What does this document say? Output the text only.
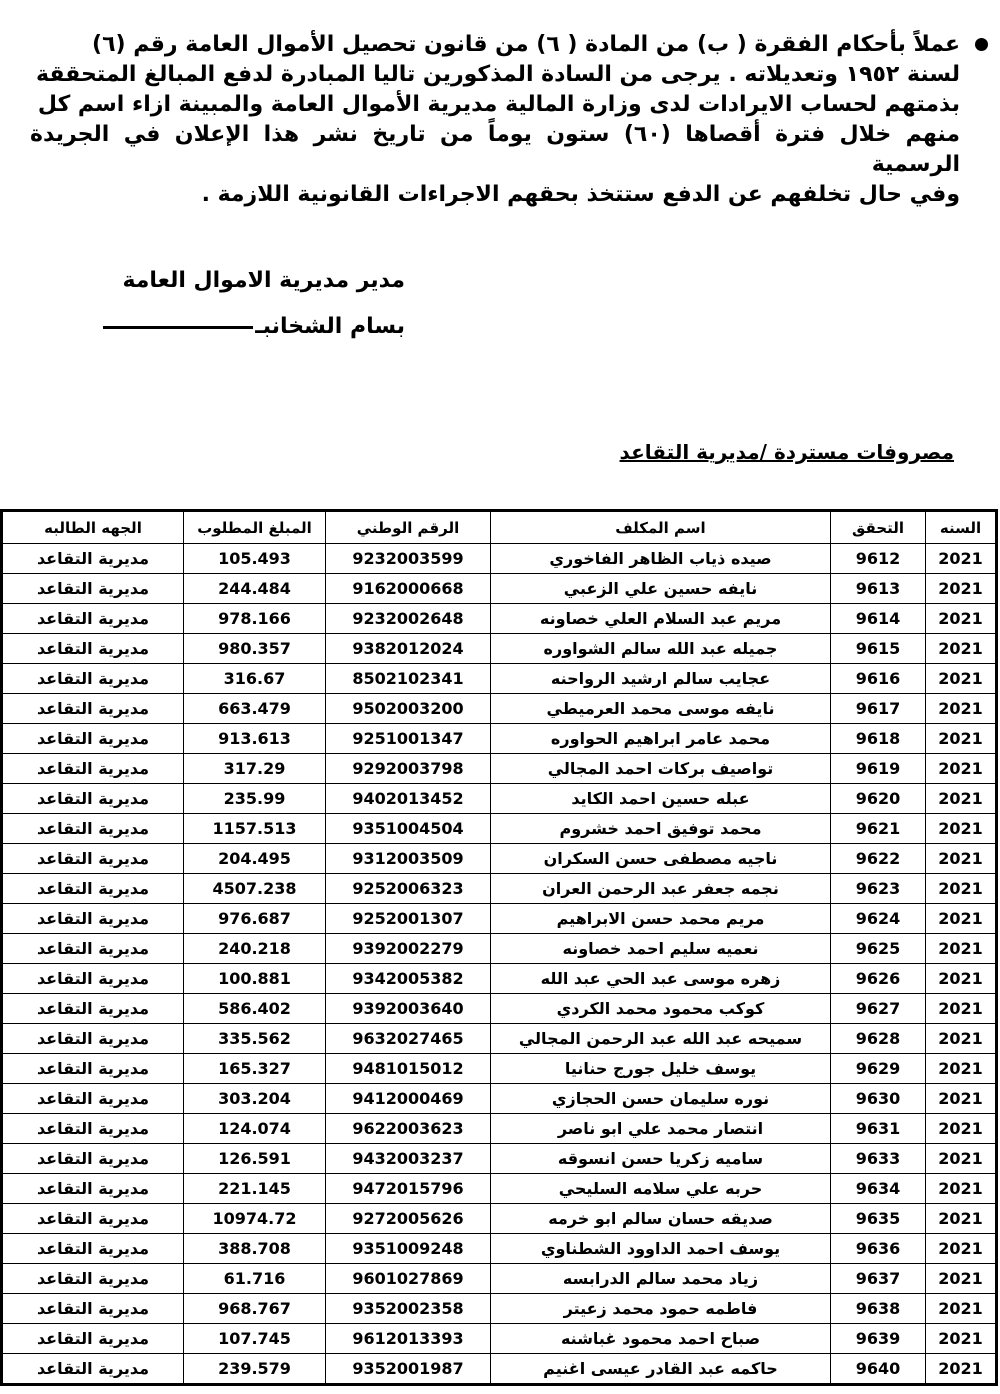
عملاً بأحكام الفقرة ( ب) من المادة ( ٦) من قانون تحصيل الأموال العامة رقم (٦)
لسنة ١٩٥٢ وتعديلاته . يرجى من السادة المذكورين تاليا المبادرة لدفع المبالغ المتحققة
بذمتهم لحساب الايرادات لدى وزارة المالية مديرية الأموال العامة والمبينة ازاء اسم كل
منهم خلال فترة أقصاها (٦٠) ستون يوماً من تاريخ نشر هذا الإعلان في الجريدة الرسمية
وفي حال تخلفهم عن الدفع ستتخذ بحقهم الاجراءات القانونية اللازمة .
مدير مديرية الاموال العامة
بسام الشخانبـ
مصروفات مستردة /مديرية التقاعد
السنه	التحقق	اسم المكلف	الرقم الوطني	المبلغ المطلوب	الجهه الطالبه
2021	9612	صيده ذياب الظاهر الفاخوري	9232003599	105.493	مديرية التقاعد
2021	9613	نايفه حسين علي الزعبي	9162000668	244.484	مديرية التقاعد
2021	9614	مريم عبد السلام العلي خصاونه	9232002648	978.166	مديرية التقاعد
2021	9615	جميله عبد الله سالم الشواوره	9382012024	980.357	مديرية التقاعد
2021	9616	عجايب سالم ارشيد الرواحنه	8502102341	316.67	مديرية التقاعد
2021	9617	نايفه موسى محمد العرميطي	9502003200	663.479	مديرية التقاعد
2021	9618	محمد عامر ابراهيم الحواوره	9251001347	913.613	مديرية التقاعد
2021	9619	تواصيف بركات احمد المجالي	9292003798	317.29	مديرية التقاعد
2021	9620	عبله حسين احمد الكايد	9402013452	235.99	مديرية التقاعد
2021	9621	محمد توفيق احمد خشروم	9351004504	1157.513	مديرية التقاعد
2021	9622	ناجيه مصطفى حسن السكران	9312003509	204.495	مديرية التقاعد
2021	9623	نجمه جعفر عبد الرحمن العران	9252006323	4507.238	مديرية التقاعد
2021	9624	مريم محمد حسن الابراهيم	9252001307	976.687	مديرية التقاعد
2021	9625	نعميه سليم احمد خصاونه	9392002279	240.218	مديرية التقاعد
2021	9626	زهره موسى عبد الحي عبد الله	9342005382	100.881	مديرية التقاعد
2021	9627	كوكب محمود محمد الكردي	9392003640	586.402	مديرية التقاعد
2021	9628	سميحه عبد الله عبد الرحمن المجالي	9632027465	335.562	مديرية التقاعد
2021	9629	يوسف خليل جورج حنانيا	9481015012	165.327	مديرية التقاعد
2021	9630	نوره سليمان حسن الحجازي	9412000469	303.204	مديرية التقاعد
2021	9631	انتصار محمد علي ابو ناصر	9622003623	124.074	مديرية التقاعد
2021	9633	ساميه زكريا حسن انسوقه	9432003237	126.591	مديرية التقاعد
2021	9634	حربه علي سلامه السليحي	9472015796	221.145	مديرية التقاعد
2021	9635	صديقه حسان سالم ابو خرمه	9272005626	10974.72	مديرية التقاعد
2021	9636	يوسف احمد الداوود الشطناوي	9351009248	388.708	مديرية التقاعد
2021	9637	زياد محمد سالم الدرابسه	9601027869	61.716	مديرية التقاعد
2021	9638	فاطمه حمود محمد زعيتر	9352002358	968.767	مديرية التقاعد
2021	9639	صباح احمد محمود غباشنه	9612013393	107.745	مديرية التقاعد
2021	9640	حاكمه عبد القادر عيسى اغنيم	9352001987	239.579	مديرية التقاعد
